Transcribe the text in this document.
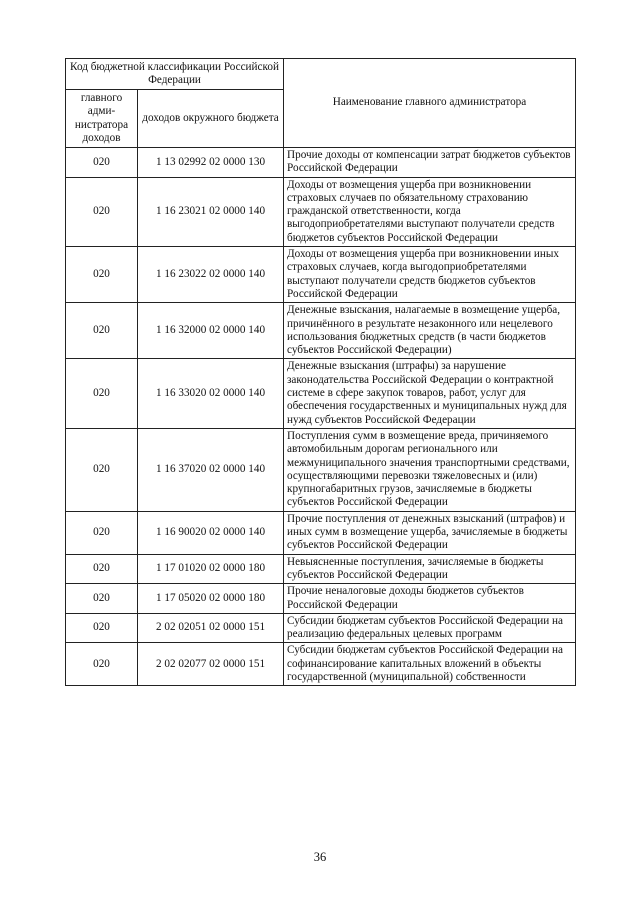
Код бюджетной классификации Российской Федерации		Наименование главного администратора
главного адми-нистратора доходов	доходов окружного бюджета	
020	1 13 02992 02 0000 130	Прочие доходы от компенсации затрат бюджетов субъектов Российской Федерации
020	1 16 23021 02 0000 140	Доходы от возмещения ущерба при возникновении страховых случаев по обязательному страхованию гражданской ответственности, когда выгодоприобретателями выступают получатели средств бюджетов субъектов Российской Федерации
020	1 16 23022 02 0000 140	Доходы от возмещения ущерба при возникновении иных страховых случаев, когда выгодоприобретателями выступают получатели средств бюджетов субъектов Российской Федерации
020	1 16 32000 02 0000 140	Денежные взыскания, налагаемые в возмещение ущерба, причинённого в результате незаконного или нецелевого использования бюджетных средств (в части бюджетов субъектов Российской Федерации)
020	1 16 33020 02 0000 140	Денежные взыскания (штрафы) за нарушение законодательства Российской Федерации о контрактной системе в сфере закупок товаров, работ, услуг для обеспечения государственных и муниципальных нужд для нужд субъектов Российской Федерации
020	1 16 37020 02 0000 140	Поступления сумм в возмещение вреда, причиняемого автомобильным дорогам регионального или межмуниципального значения транспортными средствами, осуществляющими перевозки тяжеловесных и (или) крупногабаритных грузов, зачисляемые в бюджеты субъектов Российской Федерации
020	1 16 90020 02 0000 140	Прочие поступления от денежных взысканий (штрафов) и иных сумм в возмещение ущерба, зачисляемые в бюджеты субъектов Российской Федерации
020	1 17 01020 02 0000 180	Невыясненные поступления, зачисляемые в бюджеты субъектов Российской Федерации
020	1 17 05020 02 0000 180	Прочие неналоговые доходы бюджетов субъектов Российской Федерации
020	2 02 02051 02 0000 151	Субсидии бюджетам субъектов Российской Федерации на реализацию федеральных целевых программ
020	2 02 02077 02 0000 151	Субсидии бюджетам субъектов Российской Федерации на софинансирование капитальных вложений в объекты государственной (муниципальной) собственности
36
